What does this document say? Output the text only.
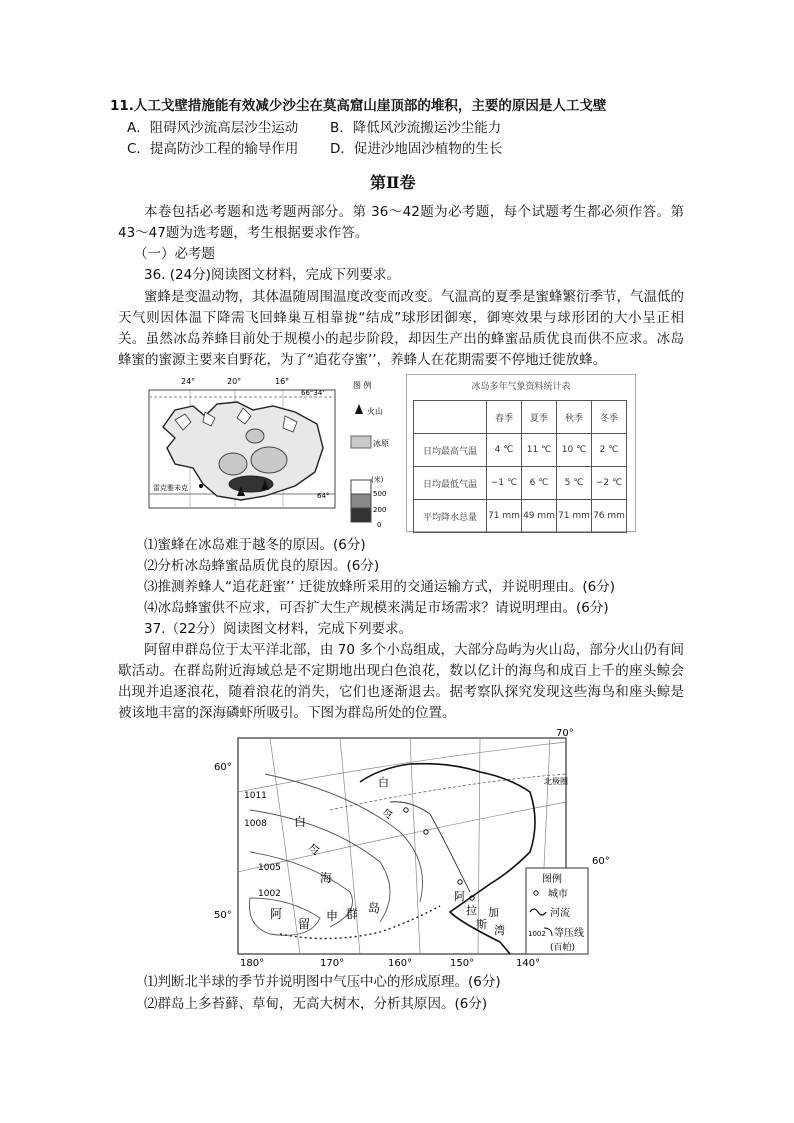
11.人工戈壁措施能有效减少沙尘在莫高窟山崖顶部的堆积，主要的原因是人工戈壁
A．阻碍风沙流高层沙尘运动 B．降低风沙流搬运沙尘能力
C．提高防沙工程的输导作用 D．促进沙地固沙植物的生长
第Ⅱ卷
本卷包括必考题和选考题两部分。第 36～42题为必考题，每个试题考生都必须作答。第43～47题为选考题，考生根据要求作答。
（一）必考题
36. (24分)阅读图文材料，完成下列要求。
蜜蜂是变温动物，其体温随周围温度改变而改变。气温高的夏季是蜜蜂繁衍季节，气温低的天气则因体温下降需飞回蜂巢互相靠拢“结成”球形团御寒，御寒效果与球形团的大小呈正相关。虽然冰岛养蜂目前处于规模小的起步阶段，却因生产出的蜂蜜品质优良而供不应求。冰岛蜂蜜的蜜源主要来自野花，为了“追花夺蜜’’，养蜂人在花期需要不停地迁徙放蜂。
24°	20°	16°
66°34'
64°
雷克雅未克
图 例
火山
冰原
(米)
500
200
0
冰岛多年气象资料统计表
	春季	夏季	秋季	冬季
日均最高气温	4 ℃	11 ℃	10 ℃	2 ℃
日均最低气温	−1 ℃	6 ℃	5 ℃	−2 ℃
平均降水总量	71 mm	49 mm	71 mm	76 mm
⑴蜜蜂在冰岛难于越冬的原因。(6分)
⑵分析冰岛蜂蜜品质优良的原因。(6分)
⑶推测养蜂人“追花赶蜜’’ 迁徙放蜂所采用的交通运输方式，并说明理由。(6分)
⑷冰岛蜂蜜供不应求，可否扩大生产规模来满足市场需求？请说明理由。(6分)
37.（22分）阅读图文材料，完成下列要求。
阿留申群岛位于太平洋北部，由 70 多个小岛组成，大部分岛屿为火山岛，部分火山仍有间歇活动。在群岛附近海域总是不定期地出现白色浪花，数以亿计的海鸟和成百上千的座头鲸会出现并追逐浪花，随着浪花的消失，它们也逐渐退去。据考察队探究发现这些海鸟和座头鲸是被该地丰富的深海磷虾所吸引。下图为群岛所处的位置。
60°
50°
60°
70°
180°	170°	160°	150°	140°
北极圈
1011
1008
1005
1002
白
令
白
令
海
阿
留
申 群 岛
阿
拉
斯
加
湾
图例
城市
河流
1002 等压线
(百帕)
⑴判断北半球的季节并说明图中气压中心的形成原理。(6分)
⑵群岛上多苔藓、草甸，无高大树木，分析其原因。(6分)
